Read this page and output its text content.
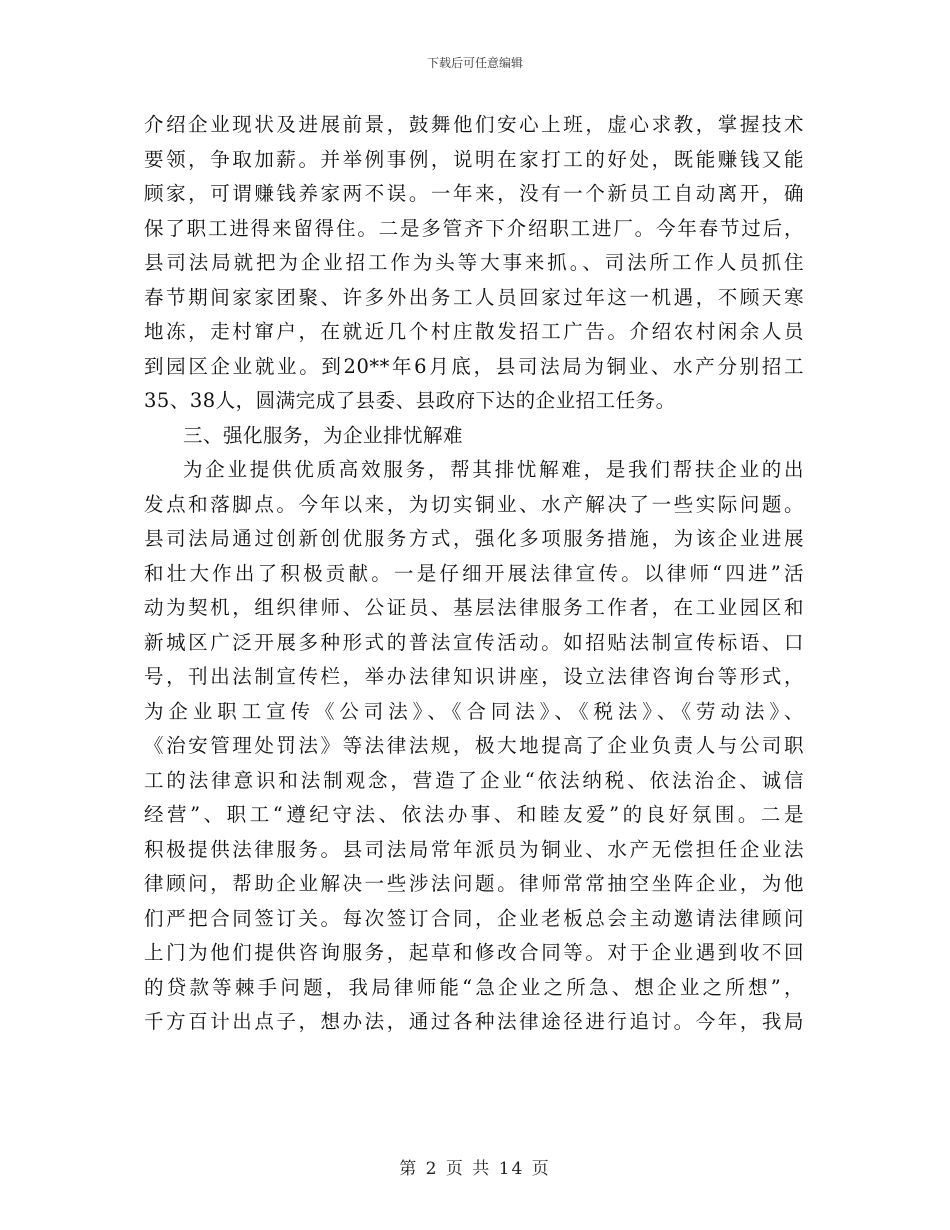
下载后可任意编辑
介绍企业现状及进展前景，鼓舞他们安心上班，虚心求教，掌握技术
要领，争取加薪。并举例事例，说明在家打工的好处，既能赚钱又能
顾家，可谓赚钱养家两不误。一年来，没有一个新员工自动离开，确
保了职工进得来留得住。二是多管齐下介绍职工进厂。今年春节过后，
县司法局就把为企业招工作为头等大事来抓。、司法所工作人员抓住
春节期间家家团聚、许多外出务工人员回家过年这一机遇，不顾天寒
地冻，走村窜户，在就近几个村庄散发招工广告。介绍农村闲余人员
到园区企业就业。到20**年6月底，县司法局为铜业、水产分别招工
35、38人，圆满完成了县委、县政府下达的企业招工任务。
三、强化服务，为企业排忧解难
为企业提供优质高效服务，帮其排忧解难，是我们帮扶企业的出
发点和落脚点。今年以来，为切实铜业、水产解决了一些实际问题。
县司法局通过创新创优服务方式，强化多项服务措施，为该企业进展
和壮大作出了积极贡献。一是仔细开展法律宣传。以律师“四进”活
动为契机，组织律师、公证员、基层法律服务工作者，在工业园区和
新城区广泛开展多种形式的普法宣传活动。如招贴法制宣传标语、口
号，刊出法制宣传栏，举办法律知识讲座，设立法律咨询台等形式，
为企业职工宣传《公司法》、《合同法》、《税法》、《劳动法》、
《治安管理处罚法》等法律法规，极大地提高了企业负责人与公司职
工的法律意识和法制观念，营造了企业“依法纳税、依法治企、诚信
经营”、职工“遵纪守法、依法办事、和睦友爱”的良好氛围。二是
积极提供法律服务。县司法局常年派员为铜业、水产无偿担任企业法
律顾问，帮助企业解决一些涉法问题。律师常常抽空坐阵企业，为他
们严把合同签订关。每次签订合同，企业老板总会主动邀请法律顾问
上门为他们提供咨询服务，起草和修改合同等。对于企业遇到收不回
的贷款等棘手问题，我局律师能“急企业之所急、想企业之所想”，
千方百计出点子，想办法，通过各种法律途径进行追讨。今年，我局
第 2 页 共 14 页
